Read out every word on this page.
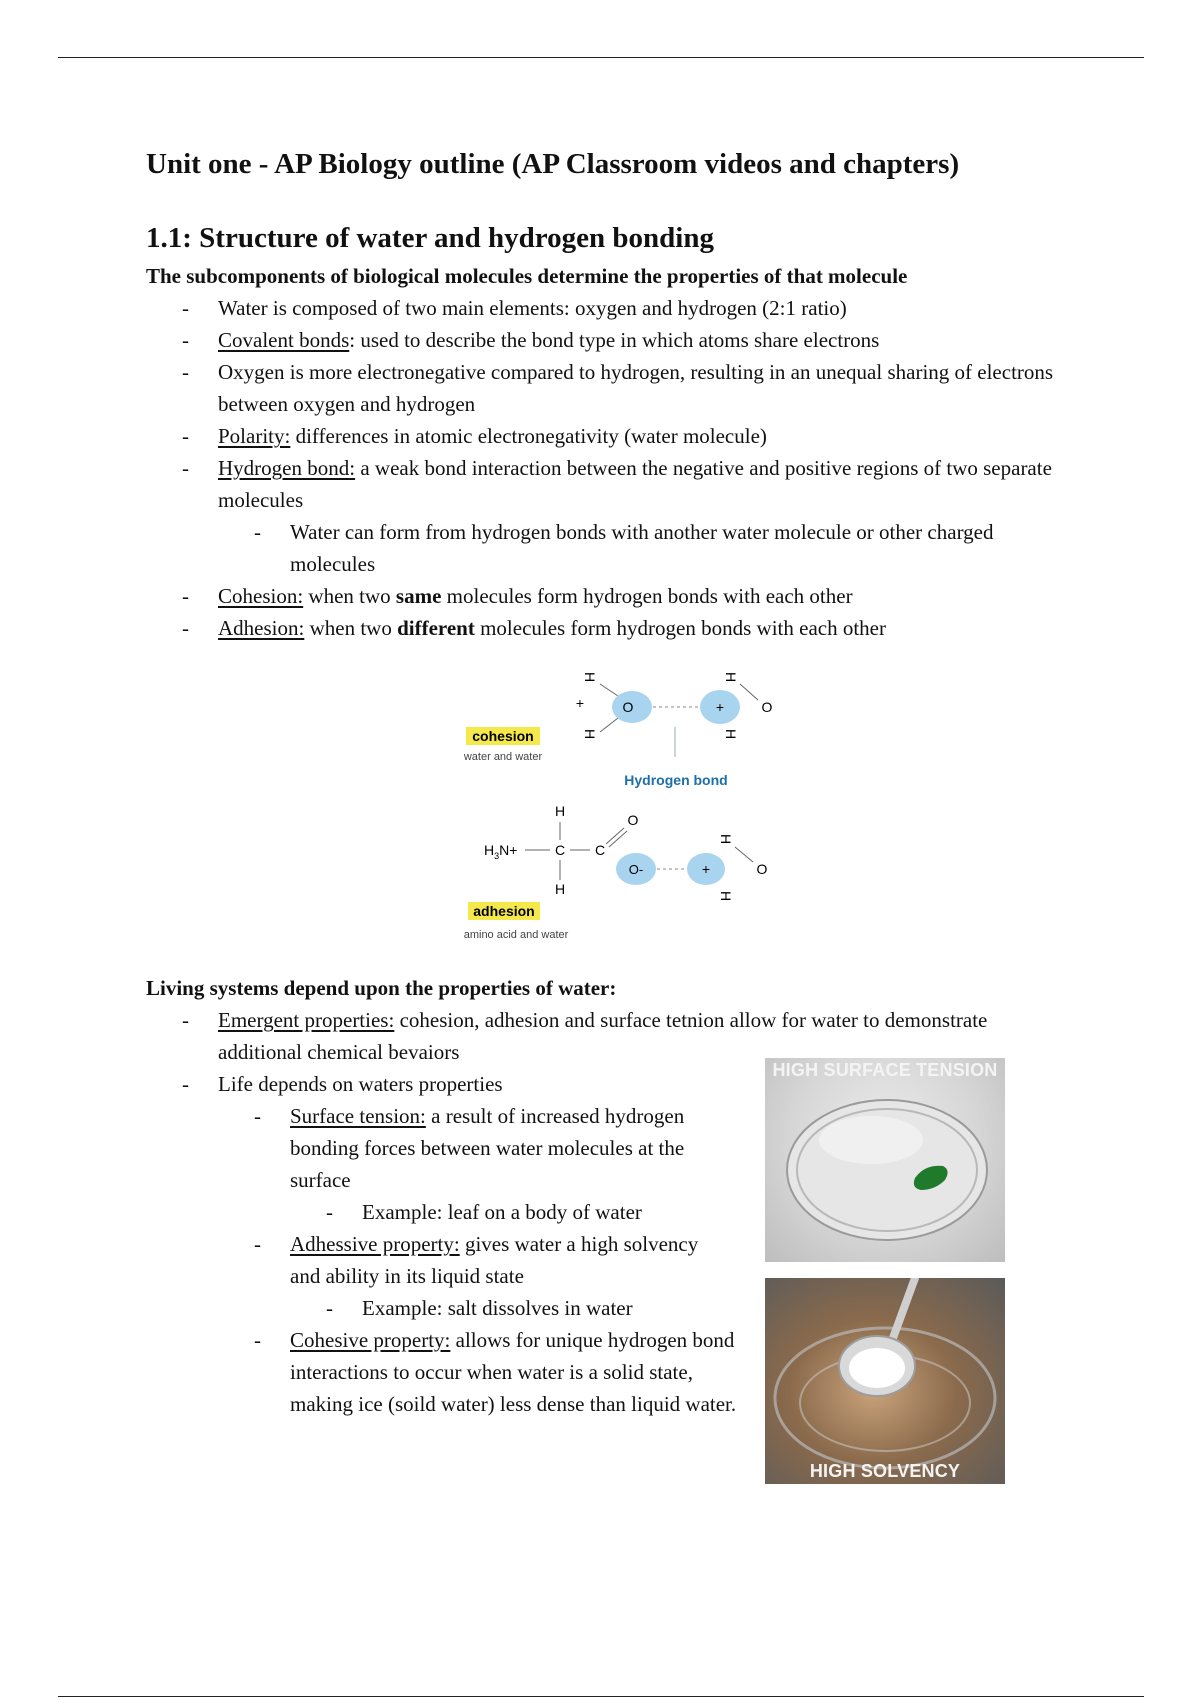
Unit one - AP Biology outline (AP Classroom videos and chapters)
1.1: Structure of water and hydrogen bonding

The subcomponents of biological molecules determine the properties of that molecule

- Water is composed of two main elements: oxygen and hydrogen (2:1 ratio)
- Covalent bonds: used to describe the bond type in which atoms share electrons
- Oxygen is more electronegative compared to hydrogen, resulting in an unequal sharing of electrons between oxygen and hydrogen
- Polarity: differences in atomic electronegativity (water molecule)
- Hydrogen bond: a weak bond interaction between the negative and positive regions of two separate molecules
- Water can form from hydrogen bonds with another water molecule or other charged molecules
- Cohesion: when two same molecules form hydrogen bonds with each other
- Adhesion: when two different molecules form hydrogen bonds with each other
H
+
H
O	+
H
H
O
cohesion
water and water
Hydrogen bond
H
$H_3N+$	C C
O
H
O-	+
H
H
O
adhesion
amino acid and water

Living systems depend upon the properties of water:

- Emergent properties: cohesion, adhesion and surface tetnion allow for water to demonstrate additional chemical bevaiors
- Life depends on waters properties
- Surface tension: a result of increased hydrogen bonding forces between water molecules at the surface
- Example: leaf on a body of water
- Adhessive property: gives water a high solvency and ability in its liquid state
- Example: salt dissolves in water
- Cohesive property: allows for unique hydrogen bond interactions to occur when water is a solid state, making ice (soild water) less dense than liquid water.
HIGH SURFACE TENSION
HIGH SOLVENCY
